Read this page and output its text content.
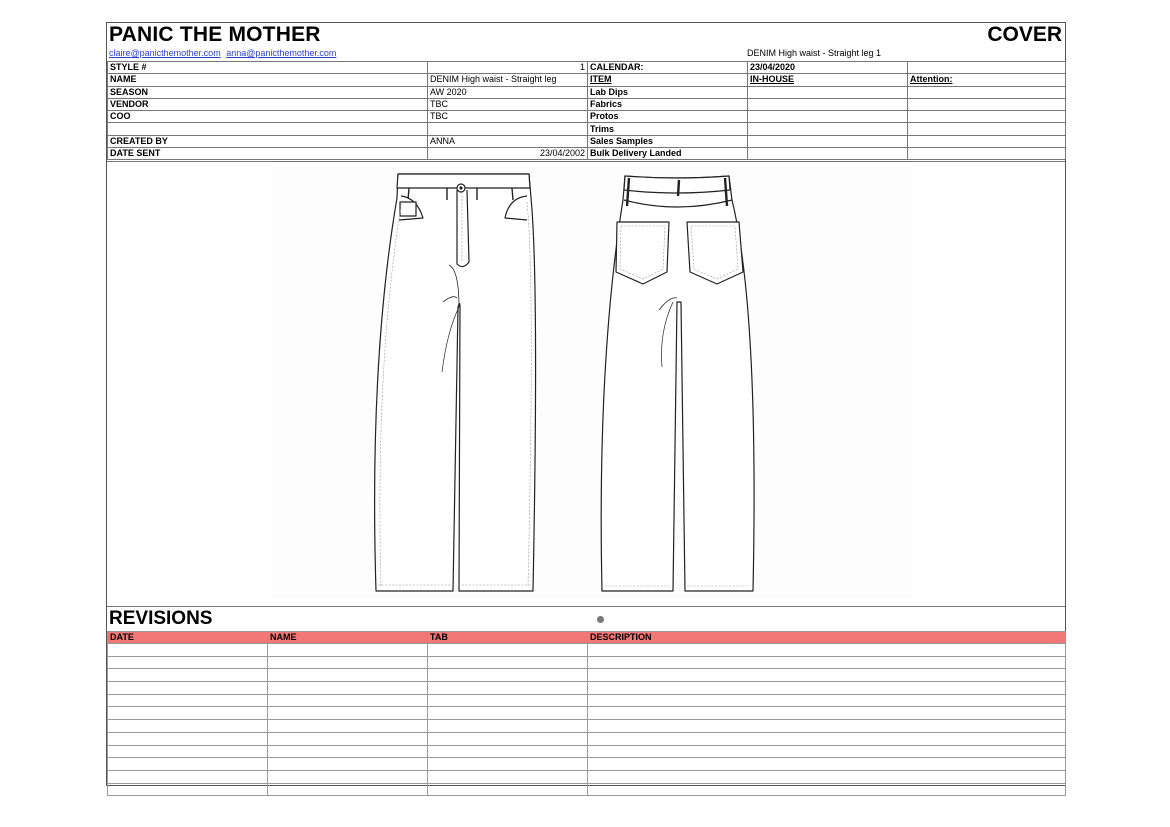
PANIC THE MOTHER	COVER
claire@panicthemother.com anna@panicthemother.com	DENIM High waist - Straight leg 1
STYLE #	1	CALENDAR:	23/04/2020	
NAME	DENIM High waist - Straight leg	ITEM	IN-HOUSE	Attention:
SEASON	AW 2020	Lab Dips		
VENDOR	TBC	Fabrics		
COO	TBC	Protos		
		Trims		
CREATED BY	ANNA	Sales Samples		
DATE SENT	23/04/2002	Bulk Delivery Landed		
REVISIONS
DATE	NAME	TAB	DESCRIPTION
